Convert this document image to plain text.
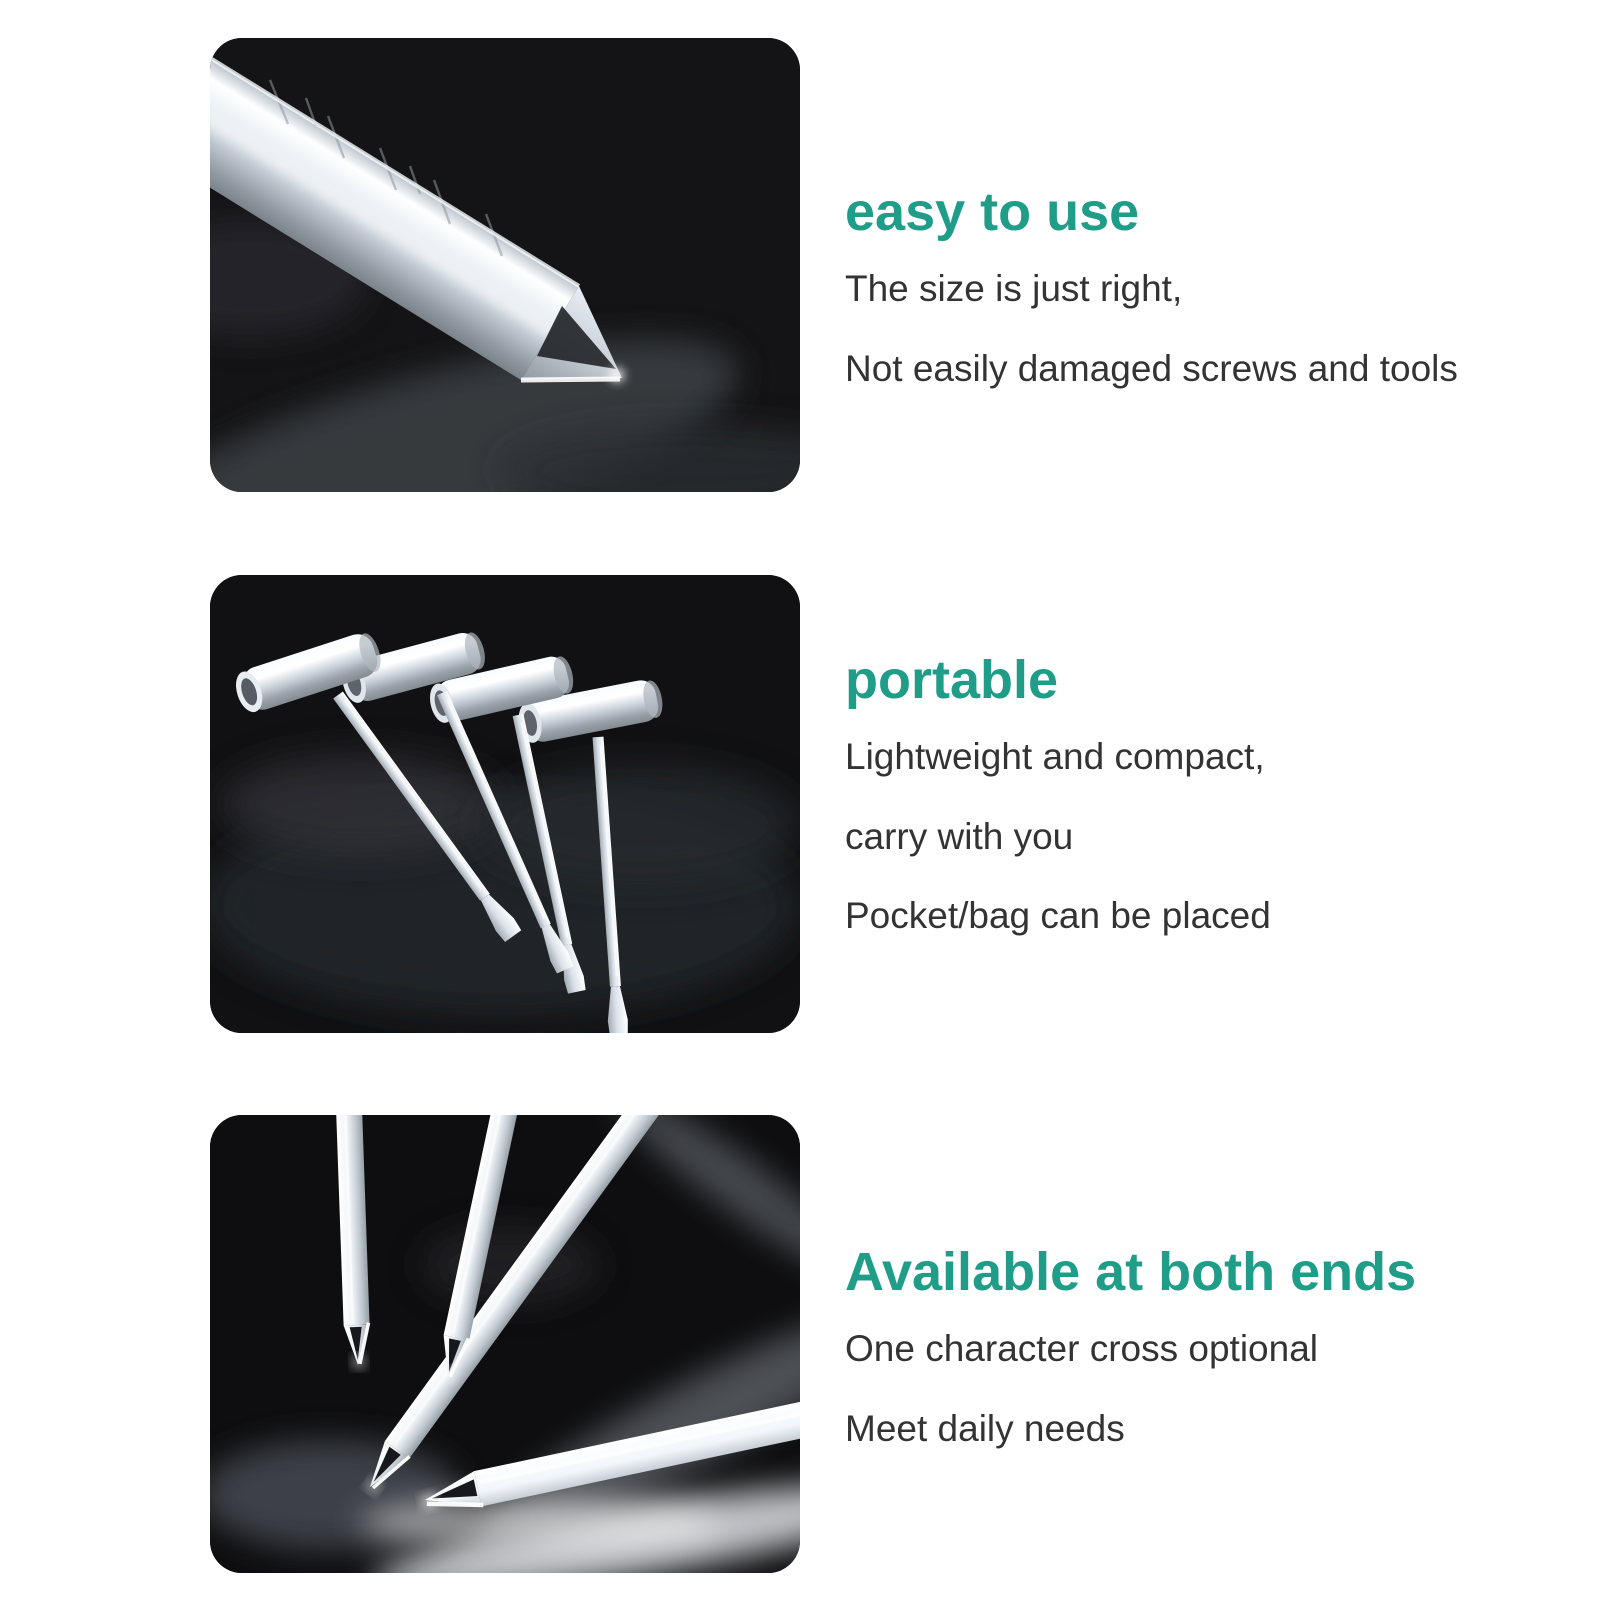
easy to use

The size is just right,

Not easily damaged screws and tools

portable

Lightweight and compact,

carry with you

Pocket/bag can be placed

Available at both ends

One character cross optional

Meet daily needs
